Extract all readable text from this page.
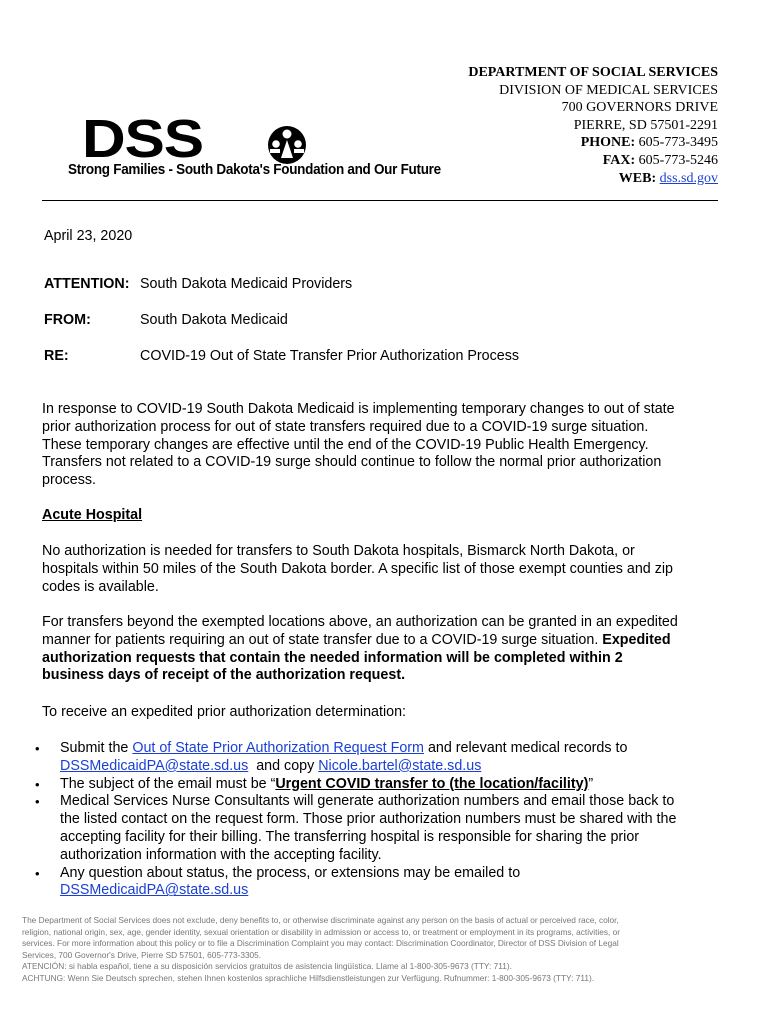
DSS
Strong Families - South Dakota's Foundation and Our Future
DEPARTMENT OF SOCIAL SERVICES
DIVISION OF MEDICAL SERVICES
700 GOVERNORS DRIVE
PIERRE, SD 57501-2291
PHONE: 605-773-3495
FAX: 605-773-5246
WEB: dss.sd.gov
April 23, 2020
ATTENTION: South Dakota Medicaid Providers
FROM:	South Dakota Medicaid
RE:	COVID-19 Out of State Transfer Prior Authorization Process
In response to COVID-19 South Dakota Medicaid is implementing temporary changes to out of state
prior authorization process for out of state transfers required due to a COVID-19 surge situation.
These temporary changes are effective until the end of the COVID-19 Public Health Emergency.
Transfers not related to a COVID-19 surge should continue to follow the normal prior authorization
process.
Acute Hospital
No authorization is needed for transfers to South Dakota hospitals, Bismarck North Dakota, or
hospitals within 50 miles of the South Dakota border. A specific list of those exempt counties and zip
codes is available.
For transfers beyond the exempted locations above, an authorization can be granted in an expedited
manner for patients requiring an out of state transfer due to a COVID-19 surge situation. Expedited
authorization requests that contain the needed information will be completed within 2
business days of receipt of the authorization request.
To receive an expedited prior authorization determination:
• Submit the Out of State Prior Authorization Request Form and relevant medical records to
DSSMedicaidPA@state.sd.us  and copy Nicole.bartel@state.sd.us
• The subject of the email must be “Urgent COVID transfer to (the location/facility)”
• Medical Services Nurse Consultants will generate authorization numbers and email those back to
the listed contact on the request form. Those prior authorization numbers must be shared with the
accepting facility for their billing. The transferring hospital is responsible for sharing the prior
authorization information with the accepting facility.
• Any question about status, the process, or extensions may be emailed to
DSSMedicaidPA@state.sd.us
The Department of Social Services does not exclude, deny benefits to, or otherwise discriminate against any person on the basis of actual or perceived race, color,
religion, national origin, sex, age, gender identity, sexual orientation or disability in admission or access to, or treatment or employment in its programs, activities, or
services. For more information about this policy or to file a Discrimination Complaint you may contact: Discrimination Coordinator, Director of DSS Division of Legal
Services, 700 Governor's Drive, Pierre SD 57501, 605-773-3305.
ATENCIÓN: si habla español, tiene a su disposición servicios gratuitos de asistencia lingüística. Llame al 1-800-305-9673 (TTY: 711).
ACHTUNG: Wenn Sie Deutsch sprechen, stehen Ihnen kostenlos sprachliche Hilfsdienstleistungen zur Verfügung. Rufnummer: 1-800-305-9673 (TTY: 711).
